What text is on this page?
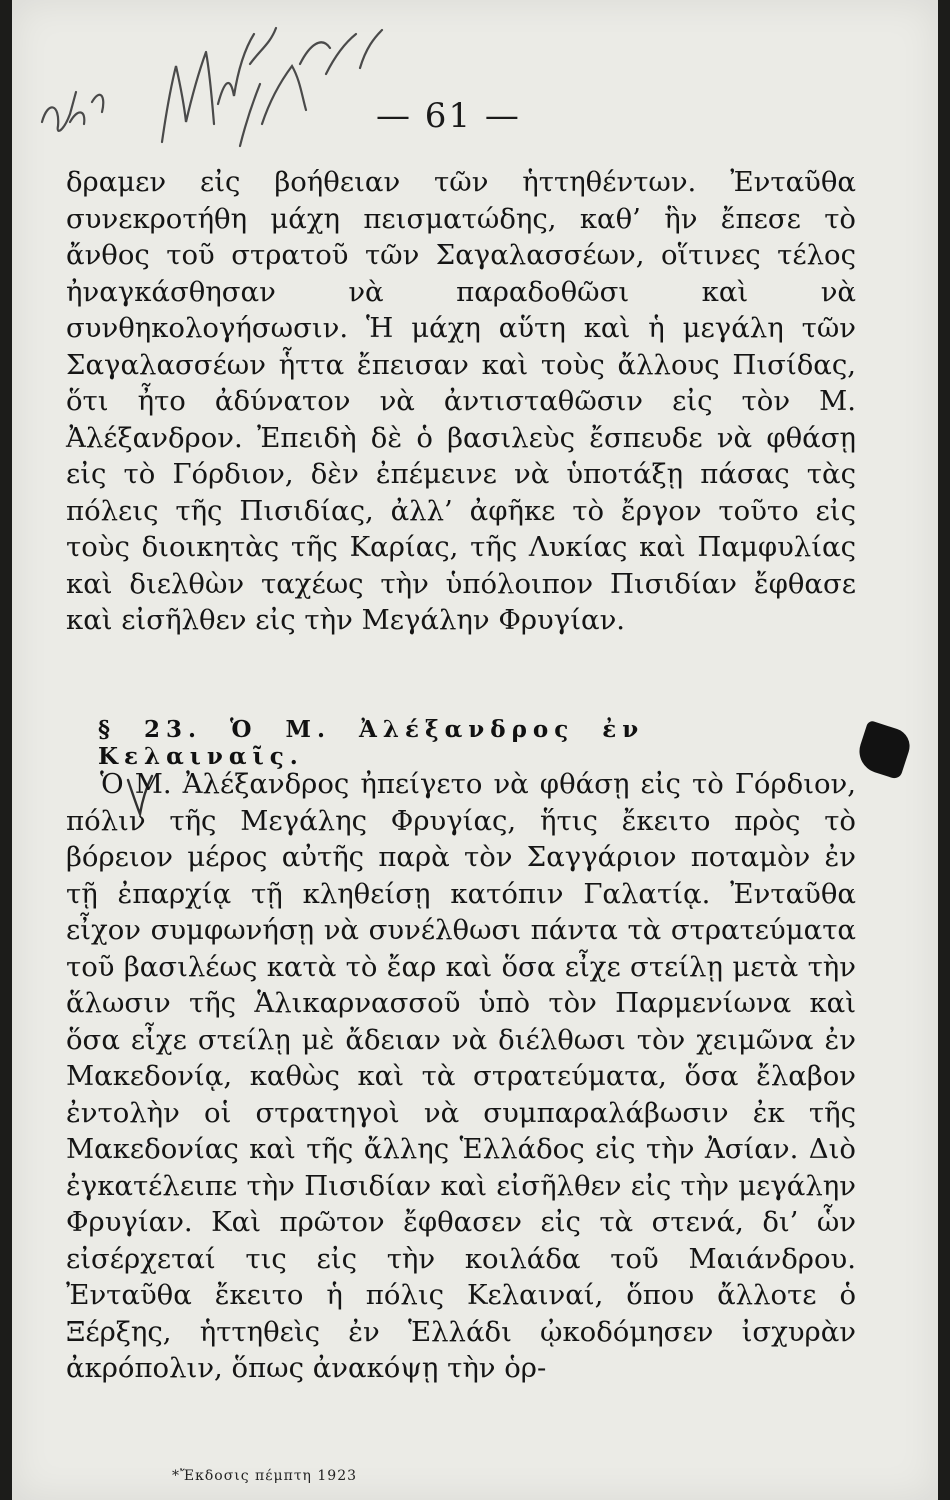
— 61 —

δραμεν εἰς βοήθειαν τῶν ἡττηθέντων. Ἐνταῦθα συνεκροτήθη μάχη πεισματώδης, καθ’ ἣν ἔπεσε τὸ ἄνθος τοῦ στρατοῦ τῶν Σαγαλασσέων, οἵτινες τέλος ἠναγκάσθησαν νὰ παραδοθῶσι καὶ νὰ συνθηκολογήσωσιν. Ἡ μάχη αὕτη καὶ ἡ μεγάλη τῶν Σαγαλασσέων ἧττα ἔπεισαν καὶ τοὺς ἄλλους Πισίδας, ὅτι ἦτο ἀδύνατον νὰ ἀντισταθῶσιν εἰς τὸν Μ. Ἀλέξανδρον. Ἐπειδὴ δὲ ὁ βασιλεὺς ἔσπευδε νὰ φθάσῃ εἰς τὸ Γόρδιον, δὲν ἐπέμεινε νὰ ὑποτάξῃ πάσας τὰς πόλεις τῆς Πισιδίας, ἀλλ’ ἀφῆκε τὸ ἔργον τοῦτο εἰς τοὺς διοικητὰς τῆς Καρίας, τῆς Λυκίας καὶ Παμφυλίας καὶ διελθὼν ταχέως τὴν ὑπόλοιπον Πισιδίαν ἔφθασε καὶ εἰσῆλθεν εἰς τὴν Μεγάλην Φρυγίαν.

§ 23. Ὁ Μ. Ἀλέξανδρος ἐν Κελαιναῖς.

Ὁ Μ. Ἀλέξανδρος ἠπείγετο νὰ φθάσῃ εἰς τὸ Γόρδιον, πόλιν τῆς Μεγάλης Φρυγίας, ἥτις ἔκειτο πρὸς τὸ βόρειον μέρος αὐτῆς παρὰ τὸν Σαγγάριον ποταμὸν ἐν τῇ ἐπαρχίᾳ τῇ κληθείσῃ κατόπιν Γαλατίᾳ. Ἐνταῦθα εἶχον συμφωνήσῃ νὰ συνέλθωσι πάντα τὰ στρατεύματα τοῦ βασιλέως κατὰ τὸ ἔαρ καὶ ὅσα εἶχε στείλῃ μετὰ τὴν ἅλωσιν τῆς Ἁλικαρνασσοῦ ὑπὸ τὸν Παρμενίωνα καὶ ὅσα εἶχε στείλῃ μὲ ἄδειαν νὰ διέλθωσι τὸν χειμῶνα ἐν Μακεδονίᾳ, καθὼς καὶ τὰ στρατεύματα, ὅσα ἔλαβον ἐντολὴν οἱ στρατηγοὶ νὰ συμπαραλάβωσιν ἐκ τῆς Μακεδονίας καὶ τῆς ἄλλης Ἑλλάδος εἰς τὴν Ἀσίαν. Διὸ ἐγκατέλειπε τὴν Πισιδίαν καὶ εἰσῆλθεν εἰς τὴν μεγάλην Φρυγίαν. Καὶ πρῶτον ἔφθασεν εἰς τὰ στενά, δι’ ὧν εἰσέρχεταί τις εἰς τὴν κοιλάδα τοῦ Μαιάνδρου. Ἐνταῦθα ἔκειτο ἡ πόλις Κελαιναί, ὅπου ἄλλοτε ὁ Ξέρξης, ἡττηθεὶς ἐν Ἑλλάδι ᾠκοδόμησεν ἰσχυρὰν ἀκρόπολιν, ὅπως ἀνακόψῃ τὴν ὁρ-

*Ἔκδοσις πέμπτη 1923
